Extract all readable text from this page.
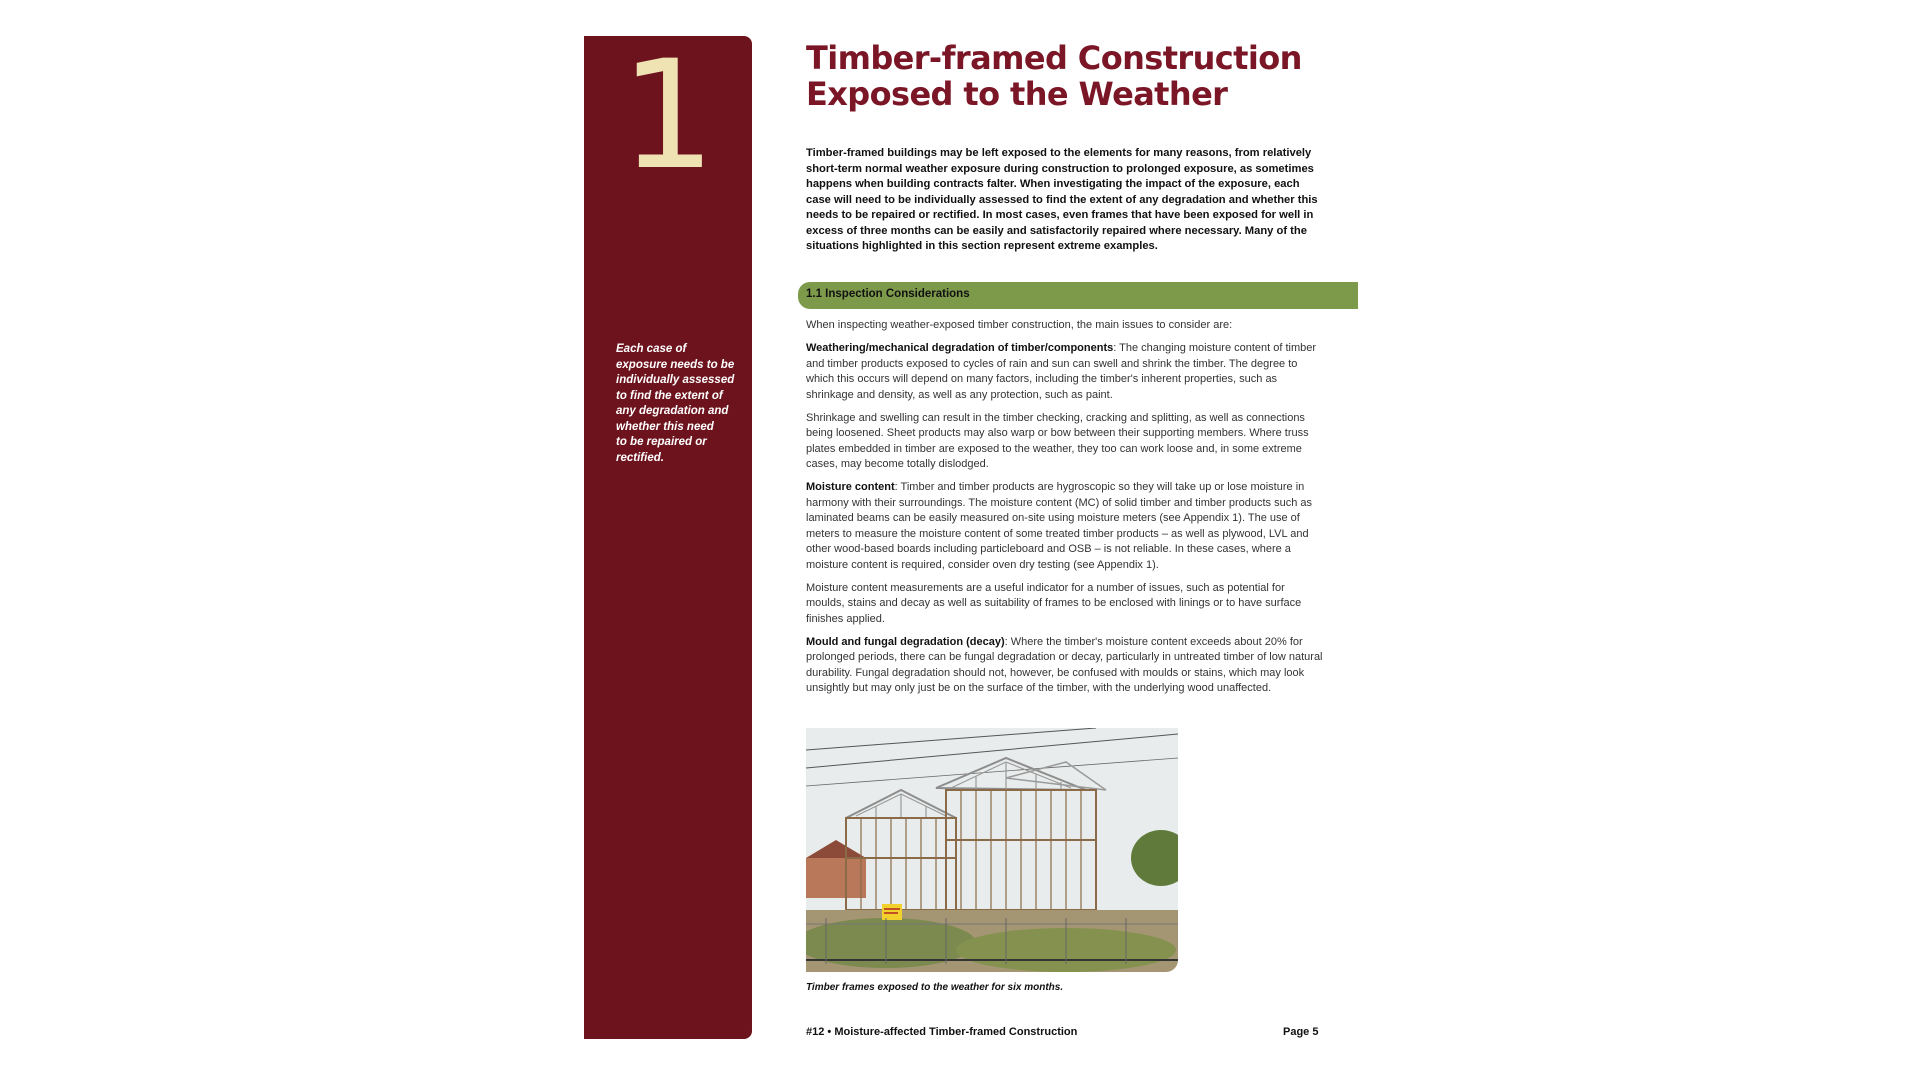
1
Each case of
exposure needs to be
individually assessed
to find the extent of
any degradation and
whether this need
to be repaired or
rectified.
Timber-framed Construction
Exposed to the Weather

Timber-framed buildings may be left exposed to the elements for many reasons, from relatively short-term normal weather exposure during construction to prolonged exposure, as sometimes happens when building contracts falter. When investigating the impact of the exposure, each case will need to be individually assessed to find the extent of any degradation and whether this needs to be repaired or rectified. In most cases, even frames that have been exposed for well in excess of three months can be easily and satisfactorily repaired where necessary. Many of the situations highlighted in this section represent extreme examples.

1.1 Inspection Considerations

When inspecting weather-exposed timber construction, the main issues to consider are:

Weathering/mechanical degradation of timber/components: The changing moisture content of timber and timber products exposed to cycles of rain and sun can swell and shrink the timber. The degree to which this occurs will depend on many factors, including the timber's inherent properties, such as shrinkage and density, as well as any protection, such as paint.

Shrinkage and swelling can result in the timber checking, cracking and splitting, as well as connections being loosened. Sheet products may also warp or bow between their supporting members. Where truss plates embedded in timber are exposed to the weather, they too can work loose and, in some extreme cases, may become totally dislodged.

Moisture content: Timber and timber products are hygroscopic so they will take up or lose moisture in harmony with their surroundings. The moisture content (MC) of solid timber and timber products such as laminated beams can be easily measured on-site using moisture meters (see Appendix 1). The use of meters to measure the moisture content of some treated timber products – as well as plywood, LVL and other wood-based boards including particleboard and OSB – is not reliable. In these cases, where a moisture content is required, consider oven dry testing (see Appendix 1).

Moisture content measurements are a useful indicator for a number of issues, such as potential for moulds, stains and decay as well as suitability of frames to be enclosed with linings or to have surface finishes applied.

Mould and fungal degradation (decay): Where the timber's moisture content exceeds about 20% for prolonged periods, there can be fungal degradation or decay, particularly in untreated timber of low natural durability. Fungal degradation should not, however, be confused with moulds or stains, which may look unsightly but may only just be on the surface of the timber, with the underlying wood unaffected.

Timber frames exposed to the weather for six months.
#12 • Moisture-affected Timber-framed Construction	Page 5
